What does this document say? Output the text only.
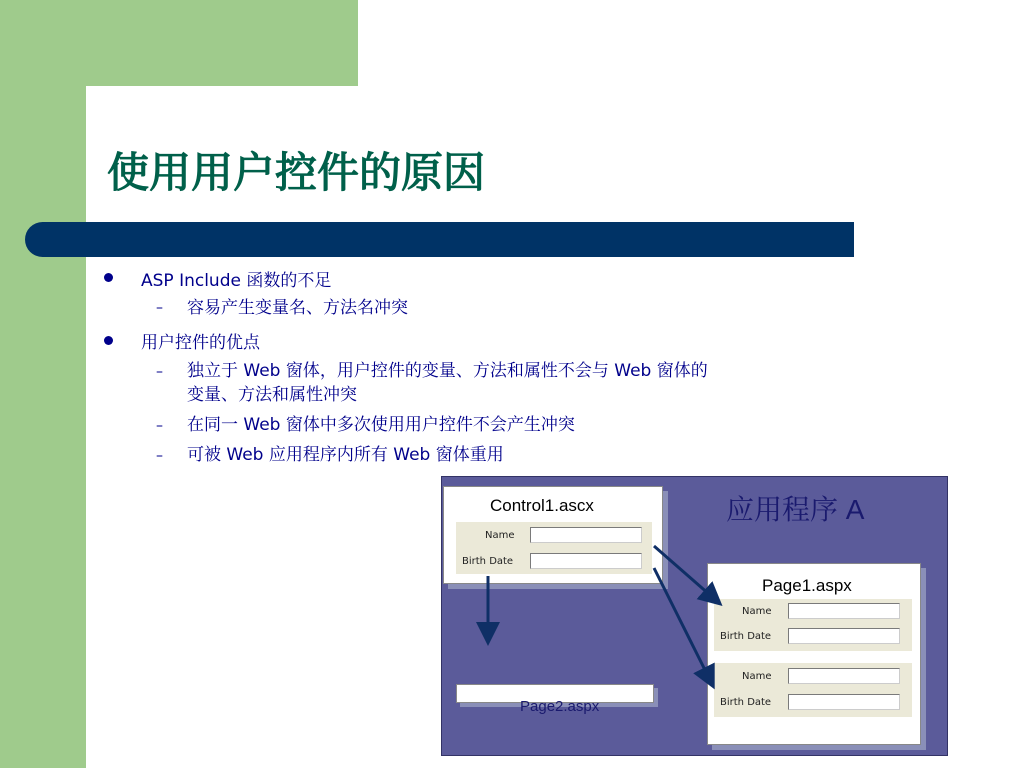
使用用户控件的原因
ASP Include 函数的不足
– 容易产生变量名、方法名冲突
用户控件的优点
– 独立于 Web 窗体，用户控件的变量、方法和属性不会与 Web 窗体的
变量、方法和属性冲突
– 在同一 Web 窗体中多次使用用户控件不会产生冲突
– 可被 Web 应用程序内所有 Web 窗体重用
应用程序 A
Control1.ascx
Name
Birth Date
Page1.aspx
Name
Birth Date
Name
Birth Date
Page2.aspx
